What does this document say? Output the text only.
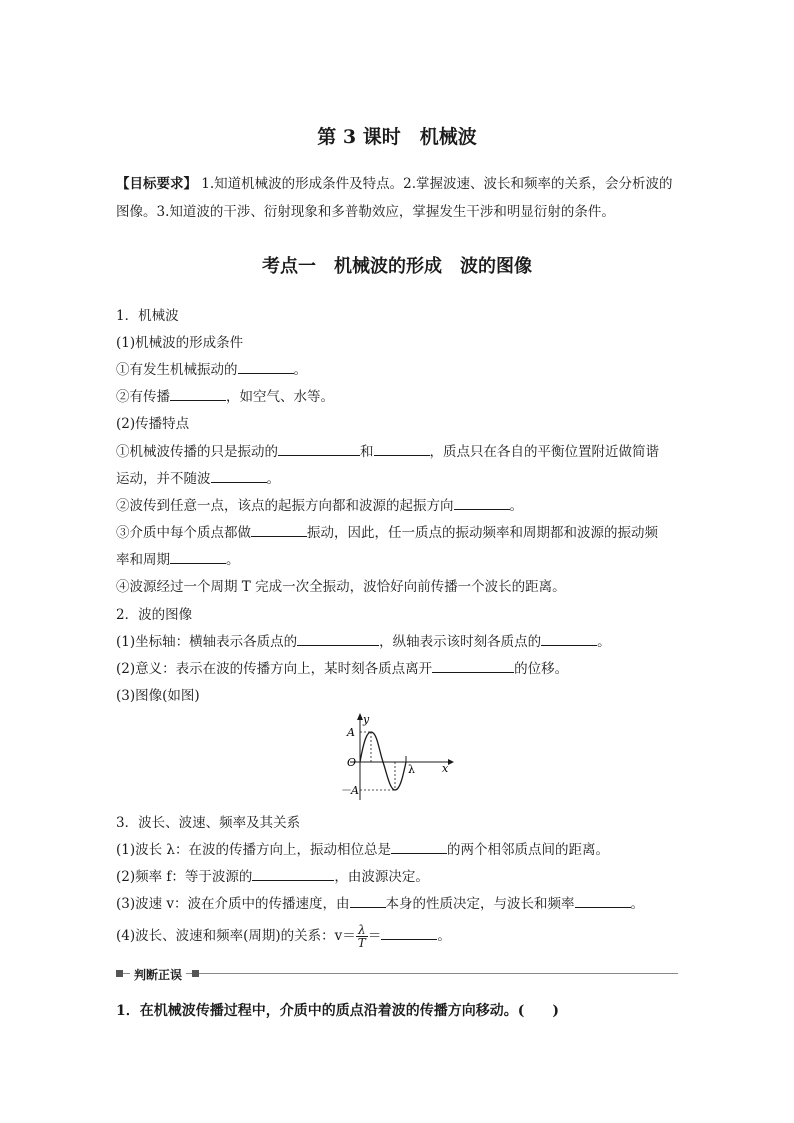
第 3 课时　机械波
【目标要求】 1.知道机械波的形成条件及特点。2.掌握波速、波长和频率的关系，会分析波的
图像。3.知道波的干涉、衍射现象和多普勒效应，掌握发生干涉和明显衍射的条件。
考点一　机械波的形成　波的图像
1．机械波
(1)机械波的形成条件
①有发生机械振动的	。
②有传播	，如空气、水等。
(2)传播特点
①机械波传播的只是振动的	和	，质点只在各自的平衡位置附近做简谐
运动，并不随波	。
②波传到任意一点，该点的起振方向都和波源的起振方向	。
③介质中每个质点都做	振动，因此，任一质点的振动频率和周期都和波源的振动频
率和周期	。
④波源经过一个周期 T 完成一次全振动，波恰好向前传播一个波长的距离。
2．波的图像
(1)坐标轴：横轴表示各质点的	，纵轴表示该时刻各质点的	。
(2)意义：表示在波的传播方向上，某时刻各质点离开	的位移。
(3)图像(如图)
y
x
A
O
－A
λ
3．波长、波速、频率及其关系
(1)波长 λ：在波的传播方向上，振动相位总是	的两个相邻质点间的距离。
(2)频率 f：等于波源的	，由波源决定。
(3)波速 v：波在介质中的传播速度，由	本身的性质决定，与波长和频率	。
(4)波长、波速和频率(周期)的关系：$v= \frac{\lambda}{T}$ ＝	。
判断正误
1．在机械波传播过程中，介质中的质点沿着波的传播方向移动。(　　)
